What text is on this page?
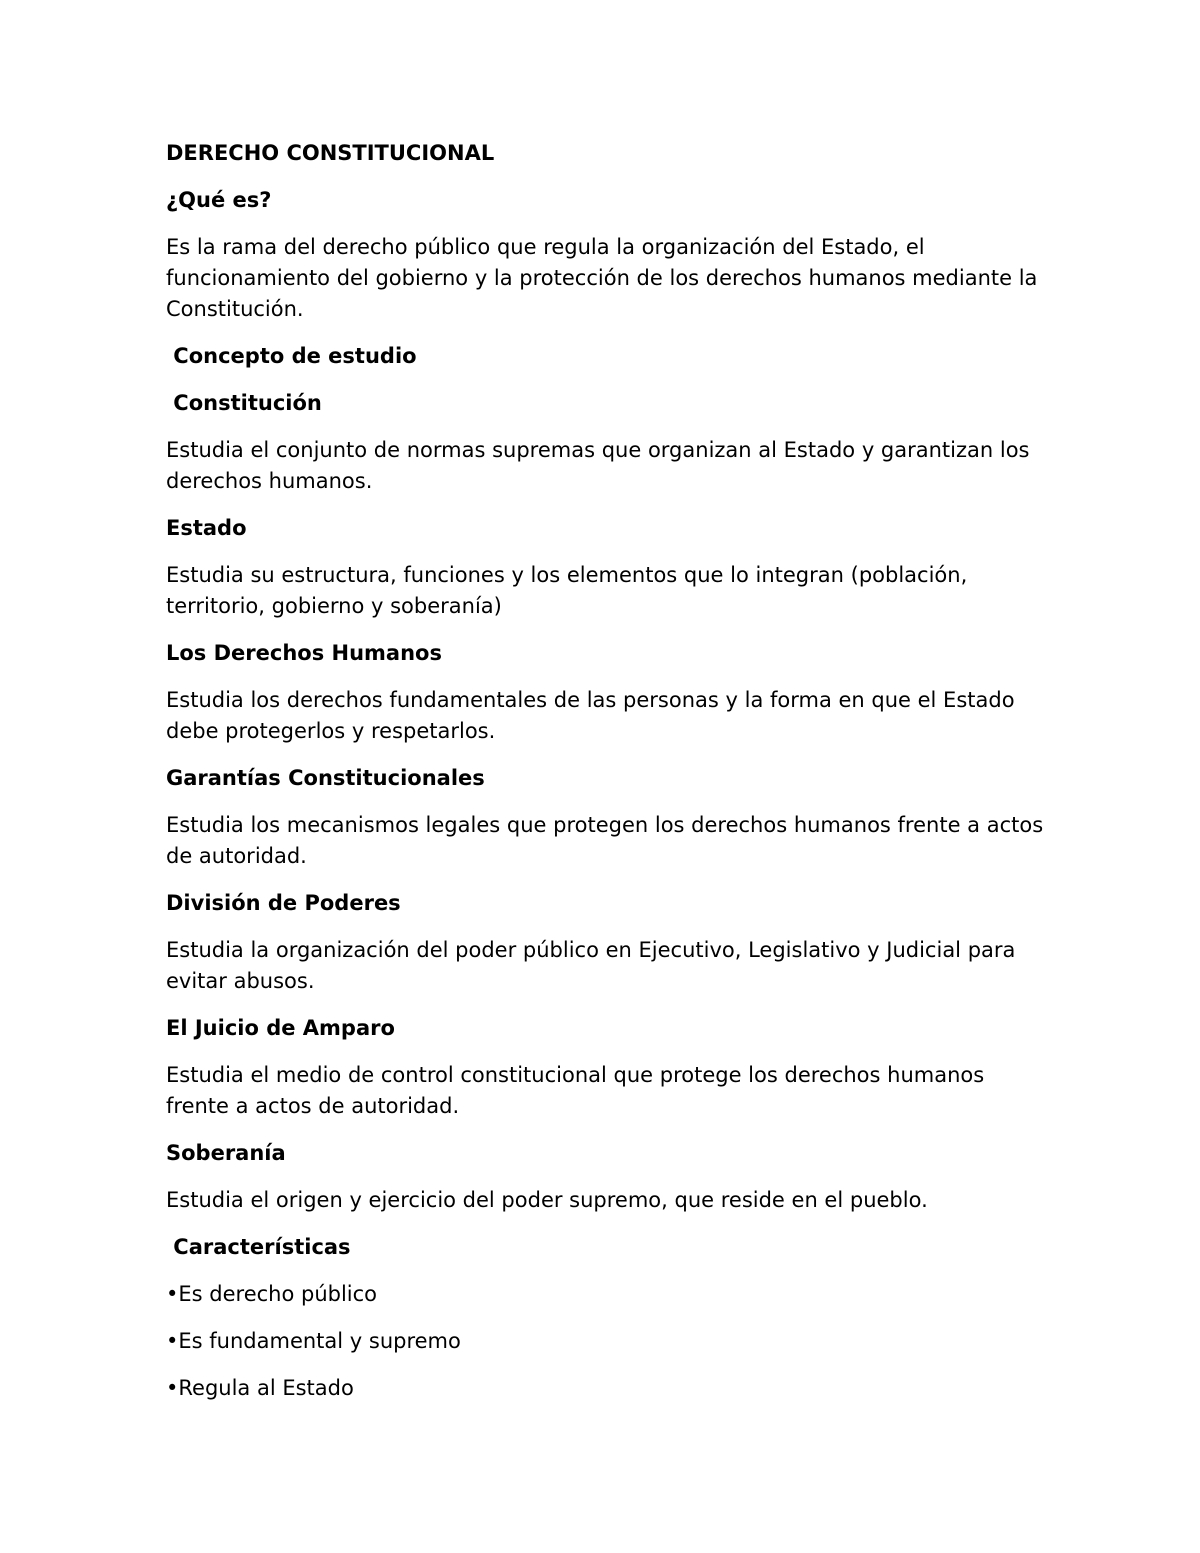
DERECHO CONSTITUCIONAL

¿Qué es?

Es la rama del derecho público que regula la organización del Estado, el funcionamiento del gobierno y la protección de los derechos humanos mediante la Constitución.

Concepto de estudio

Constitución

Estudia el conjunto de normas supremas que organizan al Estado y garantizan los derechos humanos.

Estado

Estudia su estructura, funciones y los elementos que lo integran (población, territorio, gobierno y soberanía)

Los Derechos Humanos

Estudia los derechos fundamentales de las personas y la forma en que el Estado debe protegerlos y respetarlos.

Garantías Constitucionales

Estudia los mecanismos legales que protegen los derechos humanos frente a actos de autoridad.

División de Poderes

Estudia la organización del poder público en Ejecutivo, Legislativo y Judicial para evitar abusos.

El Juicio de Amparo

Estudia el medio de control constitucional que protege los derechos humanos frente a actos de autoridad.

Soberanía

Estudia el origen y ejercicio del poder supremo, que reside en el pueblo.

Características

•Es derecho público

•Es fundamental y supremo

•Regula al Estado
